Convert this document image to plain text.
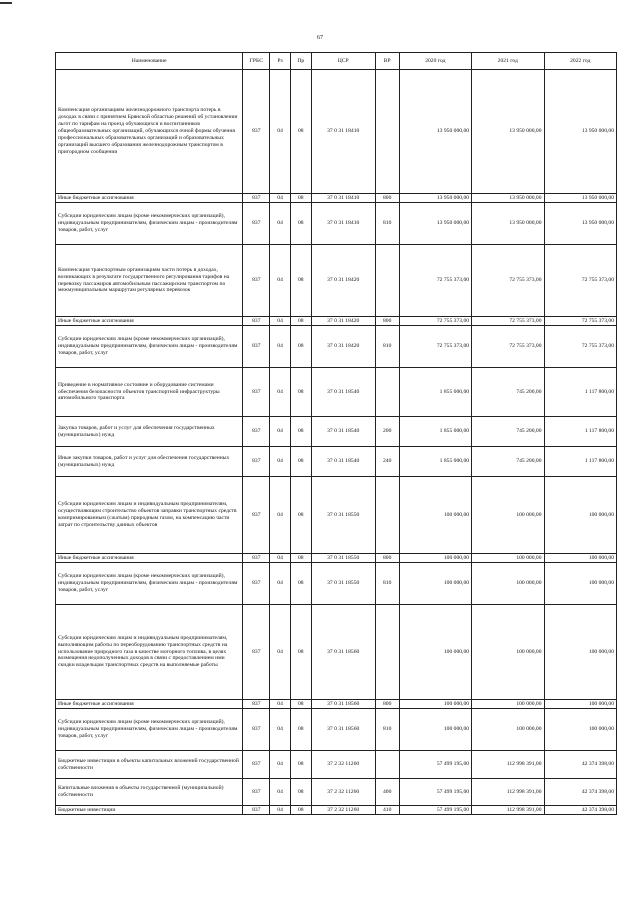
67
Наименование	ГРБС	Рз	Пр	ЦСР	ВР	2020 год	2021 год	2022 год
Компенсация организациям железнодорожного транспорта потерь в доходах в связи с принятием Брянской областью решений об установлении льгот по тарифам на проезд обучающихся и воспитанников общеобразовательных организаций, обучающихся очной формы обучения профессиональных образовательных организаций и образовательных организаций высшего образования железнодорожным транспортом в пригородном сообщении	837	04	08	37 0 31 18410		13 950 000,00	13 950 000,00	13 950 000,00
Иные бюджетные ассигнования	837	04	08	37 0 31 18410	800	13 950 000,00	13 950 000,00	13 950 000,00
Субсидии юридическим лицам (кроме некоммерческих организаций), индивидуальным предпринимателям, физическим лицам - производителям товаров, работ, услуг	837	04	08	37 0 31 18410	810	13 950 000,00	13 950 000,00	13 950 000,00
Компенсация транспортным организациям части потерь в доходах, возникающих в результате государственного регулирования тарифов на перевозку пассажиров автомобильным пассажирским транспортом по межмуниципальным маршрутам регулярных перевозок	837	04	08	37 0 31 18420		72 755 373,00	72 755 373,00	72 755 373,00
Иные бюджетные ассигнования	837	04	08	37 0 31 18420	800	72 755 373,00	72 755 373,00	72 755 373,00
Субсидии юридическим лицам (кроме некоммерческих организаций), индивидуальным предпринимателям, физическим лицам - производителям товаров, работ, услуг	837	04	08	37 0 31 18420	810	72 755 373,00	72 755 373,00	72 755 373,00
Приведение в нормативное состояние и оборудование системами обеспечения безопасности объектов транспортной инфраструктуры автомобильного транспорта	837	04	08	37 0 31 18540		1 855 000,00	745 200,00	1 117 800,00
Закупка товаров, работ и услуг для обеспечения государственных (муниципальных) нужд	837	04	08	37 0 31 18540	200	1 855 000,00	745 200,00	1 117 800,00
Иные закупки товаров, работ и услуг для обеспечения государственных (муниципальных) нужд	837	04	08	37 0 31 18540	240	1 855 000,00	745 200,00	1 117 800,00
Субсидии юридическим лицам и индивидуальным предпринимателям, осуществляющим строительство объектов заправки транспортных средств компримированным (сжатым) природным газом, на компенсацию части затрат по строительству данных объектов	837	04	08	37 0 31 18550		100 000,00	100 000,00	100 000,00
Иные бюджетные ассигнования	837	04	08	37 0 31 18550	800	100 000,00	100 000,00	100 000,00
Субсидии юридическим лицам (кроме некоммерческих организаций), индивидуальным предпринимателям, физическим лицам - производителям товаров, работ, услуг	837	04	08	37 0 31 18550	810	100 000,00	100 000,00	100 000,00
Субсидии юридическим лицам и индивидуальным предпринимателям, выполняющим работы по переоборудованию транспортных средств на использование природного газа в качестве моторного топлива, в целях возмещения недополученных доходов в связи с предоставлением ими скидки владельцам транспортных средств на выполняемые работы	837	04	08	37 0 31 18560		100 000,00	100 000,00	100 000,00
Иные бюджетные ассигнования	837	04	08	37 0 31 18560	800	100 000,00	100 000,00	100 000,00
Субсидии юридическим лицам (кроме некоммерческих организаций), индивидуальным предпринимателям, физическим лицам - производителям товаров, работ, услуг	837	04	08	37 0 31 18560	810	100 000,00	100 000,00	100 000,00
Бюджетные инвестиции в объекты капитальных вложений государственной собственности	837	04	08	37 2 32 11260		57 499 195,00	112 998 391,00	42 374 398,00
Капитальные вложения в объекты государственной (муниципальной) собственности	837	04	08	37 2 32 11260	400	57 499 195,00	112 998 391,00	42 374 398,00
Бюджетные инвестиции	837	04	08	37 2 32 11260	410	57 499 195,00	112 998 391,00	42 374 398,00
